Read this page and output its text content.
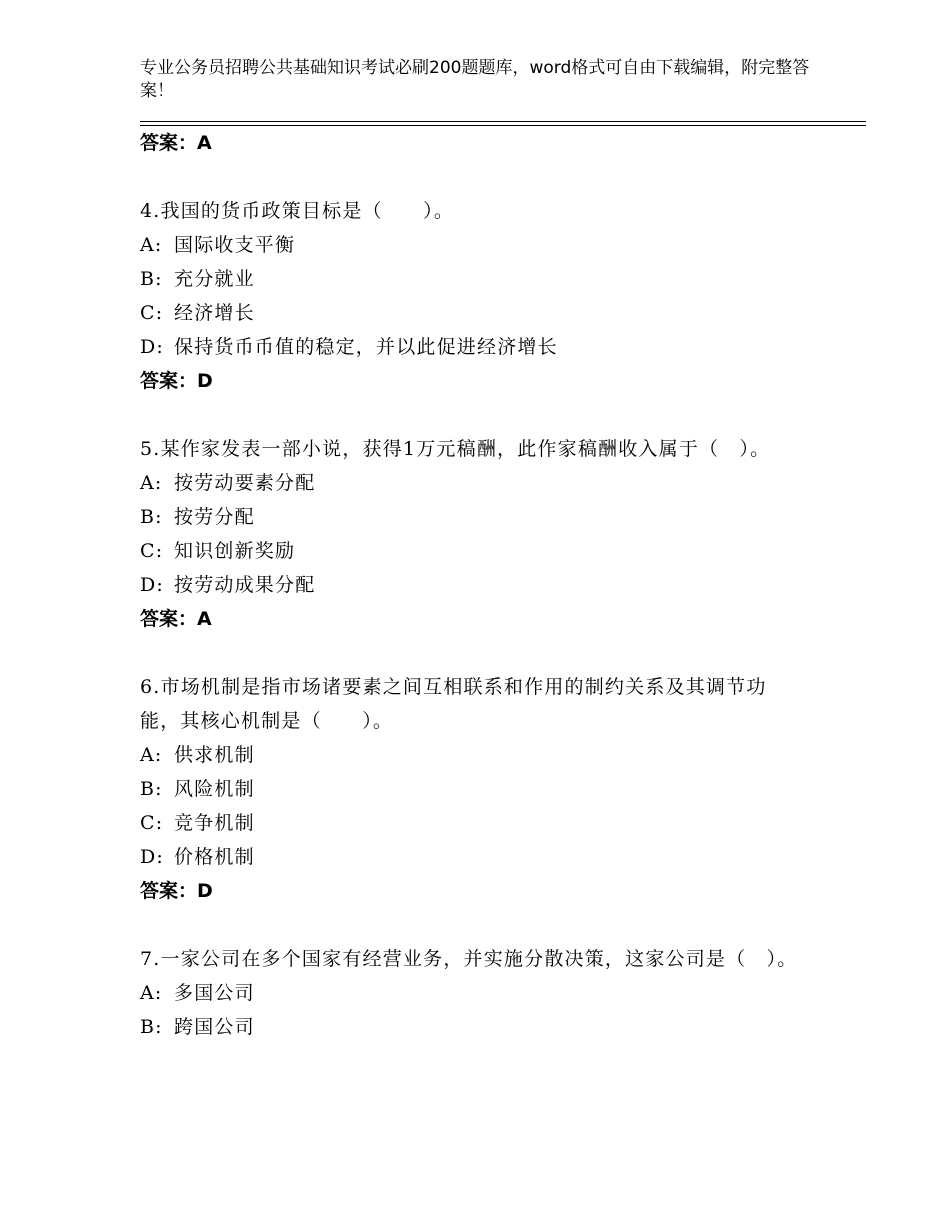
专业公务员招聘公共基础知识考试必刷200题题库，word格式可自由下载编辑，附完整答案！
答案：A
4.我国的货币政策目标是（　　）。
A: 国际收支平衡
B: 充分就业
C: 经济增长
D: 保持货币币值的稳定，并以此促进经济增长
答案：D
5.某作家发表一部小说，获得1万元稿酬，此作家稿酬收入属于（　）。
A: 按劳动要素分配
B: 按劳分配
C: 知识创新奖励
D: 按劳动成果分配
答案：A
6.市场机制是指市场诸要素之间互相联系和作用的制约关系及其调节功能，其核心机制是（　　）。
A: 供求机制
B: 风险机制
C: 竞争机制
D: 价格机制
答案：D
7.一家公司在多个国家有经营业务，并实施分散决策，这家公司是（　）。
A: 多国公司
B: 跨国公司
